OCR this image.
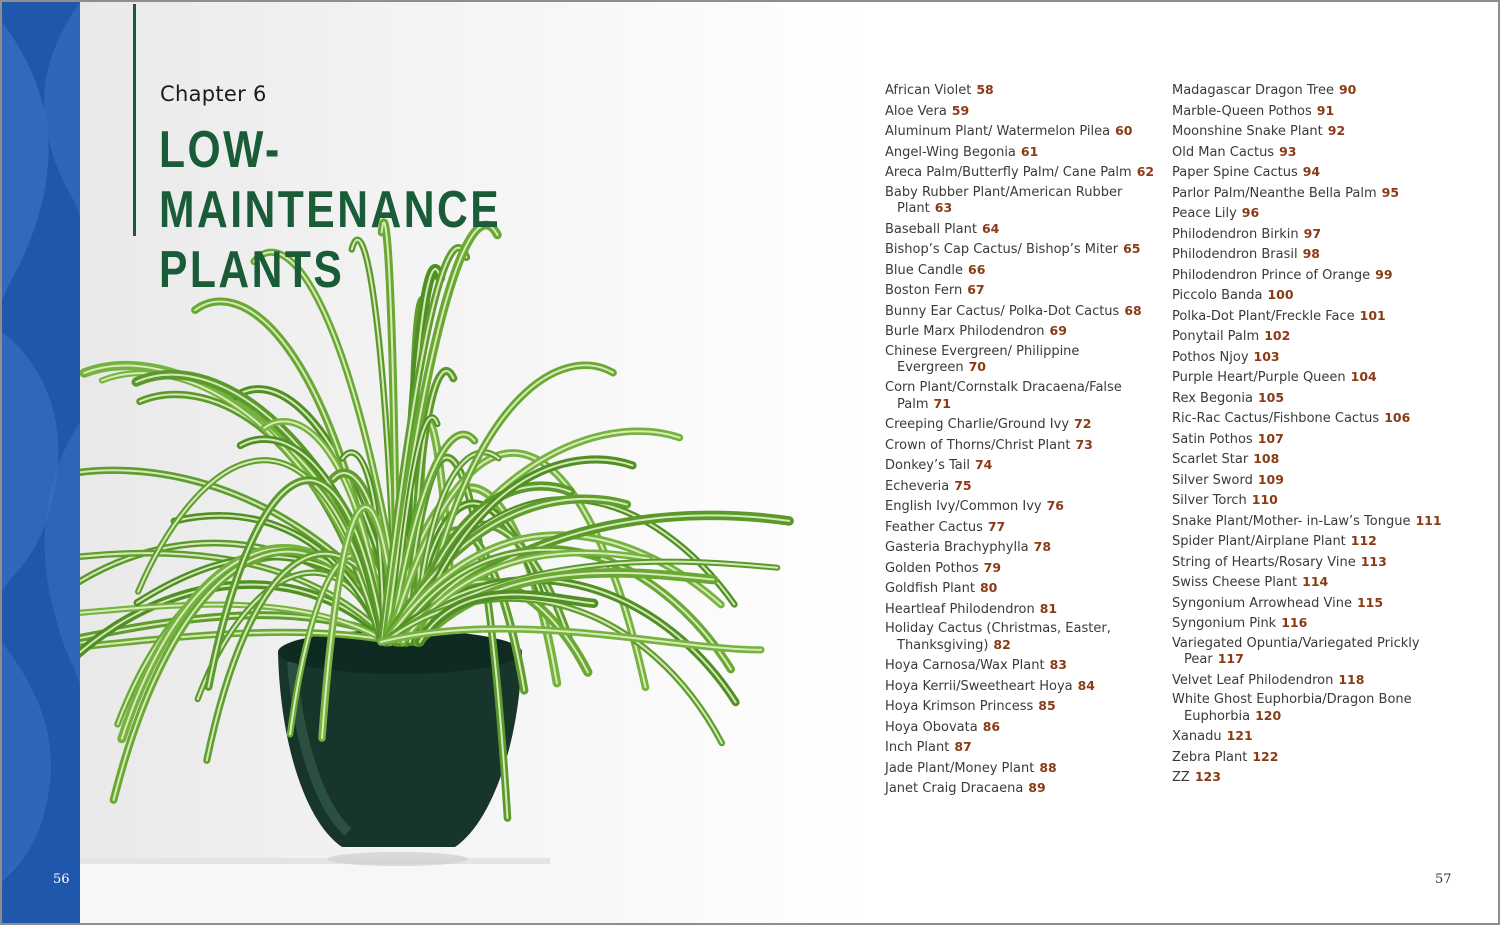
56
Chapter 6
LOW-MAINTENANCE
PLANTS
African Violet 58
Aloe Vera 59
Aluminum Plant/ Watermelon Pilea 60
Angel-Wing Begonia 61
Areca Palm/Butterfly Palm/ Cane Palm 62
Baby Rubber Plant/American Rubber Plant 63
Baseball Plant 64
Bishop’s Cap Cactus/ Bishop’s Miter 65
Blue Candle 66
Boston Fern 67
Bunny Ear Cactus/ Polka-Dot Cactus 68
Burle Marx Philodendron 69
Chinese Evergreen/ Philippine Evergreen 70
Corn Plant/Cornstalk Dracaena/False Palm 71
Creeping Charlie/Ground Ivy 72
Crown of Thorns/Christ Plant 73
Donkey’s Tail 74
Echeveria 75
English Ivy/Common Ivy 76
Feather Cactus 77
Gasteria Brachyphylla 78
Golden Pothos 79
Goldfish Plant 80
Heartleaf Philodendron 81
Holiday Cactus (Christmas, Easter, Thanksgiving) 82
Hoya Carnosa/Wax Plant 83
Hoya Kerrii/Sweetheart Hoya 84
Hoya Krimson Princess 85
Hoya Obovata 86
Inch Plant 87
Jade Plant/Money Plant 88
Janet Craig Dracaena 89
Madagascar Dragon Tree 90
Marble-Queen Pothos 91
Moonshine Snake Plant 92
Old Man Cactus 93
Paper Spine Cactus 94
Parlor Palm/Neanthe Bella Palm 95
Peace Lily 96
Philodendron Birkin 97
Philodendron Brasil 98
Philodendron Prince of Orange 99
Piccolo Banda 100
Polka-Dot Plant/Freckle Face 101
Ponytail Palm 102
Pothos Njoy 103
Purple Heart/Purple Queen 104
Rex Begonia 105
Ric-Rac Cactus/Fishbone Cactus 106
Satin Pothos 107
Scarlet Star 108
Silver Sword 109
Silver Torch 110
Snake Plant/Mother- in-Law’s Tongue 111
Spider Plant/Airplane Plant 112
String of Hearts/Rosary Vine 113
Swiss Cheese Plant 114
Syngonium Arrowhead Vine 115
Syngonium Pink 116
Variegated Opuntia/Variegated Prickly Pear 117
Velvet Leaf Philodendron 118
White Ghost Euphorbia/Dragon Bone Euphorbia 120
Xanadu 121
Zebra Plant 122
ZZ 123
57
